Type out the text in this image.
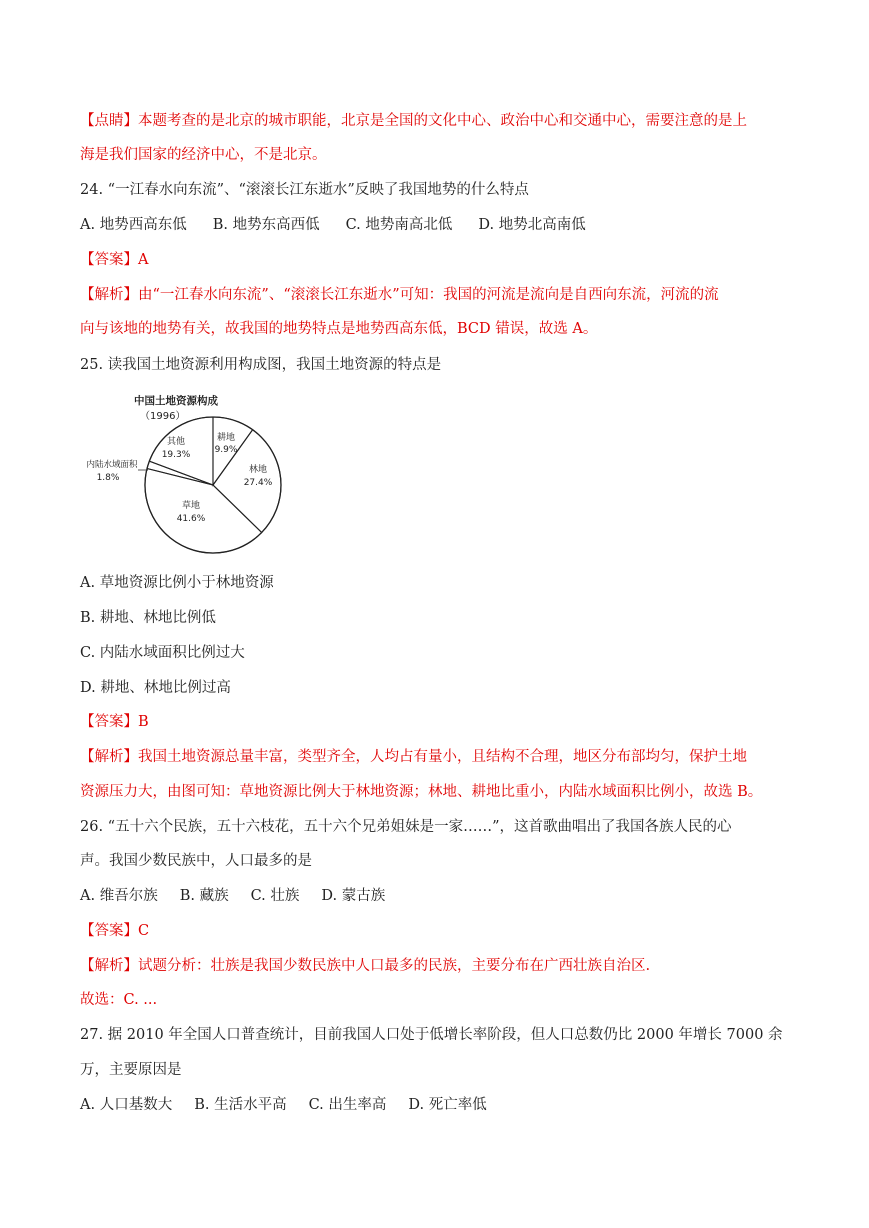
【点睛】本题考查的是北京的城市职能，北京是全国的文化中心、政治中心和交通中心，需要注意的是上
海是我们国家的经济中心，不是北京。
24. “一江春水向东流”、“滚滚长江东逝水”反映了我国地势的什么特点
A. 地势西高东低 B. 地势东高西低 C. 地势南高北低 D. 地势北高南低
【答案】A
【解析】由“一江春水向东流”、“滚滚长江东逝水”可知：我国的河流是流向是自西向东流，河流的流
向与该地的地势有关，故我国的地势特点是地势西高东低，BCD 错误，故选 A。
25. 读我国土地资源利用构成图，我国土地资源的特点是
中国土地资源构成
（1996）
其他
19.3%
耕地
9.9%
林地
27.4%
草地
41.6%
内陆水域面积
1.8%
A. 草地资源比例小于林地资源
B. 耕地、林地比例低
C. 内陆水域面积比例过大
D. 耕地、林地比例过高
【答案】B
【解析】我国土地资源总量丰富，类型齐全，人均占有量小，且结构不合理，地区分布部均匀，保护土地
资源压力大，由图可知：草地资源比例大于林地资源；林地、耕地比重小，内陆水域面积比例小，故选 B。
26. “五十六个民族，五十六枝花，五十六个兄弟姐妹是一家……”，这首歌曲唱出了我国各族人民的心
声。我国少数民族中，人口最多的是
A. 维吾尔族 B. 藏族 C. 壮族 D. 蒙古族
【答案】C
【解析】试题分析：壮族是我国少数民族中人口最多的民族，主要分布在广西壮族自治区.
故选：C. ...
27. 据 2010 年全国人口普查统计，目前我国人口处于低增长率阶段，但人口总数仍比 2000 年增长 7000 余
万，主要原因是
A. 人口基数大 B. 生活水平高 C. 出生率高 D. 死亡率低
